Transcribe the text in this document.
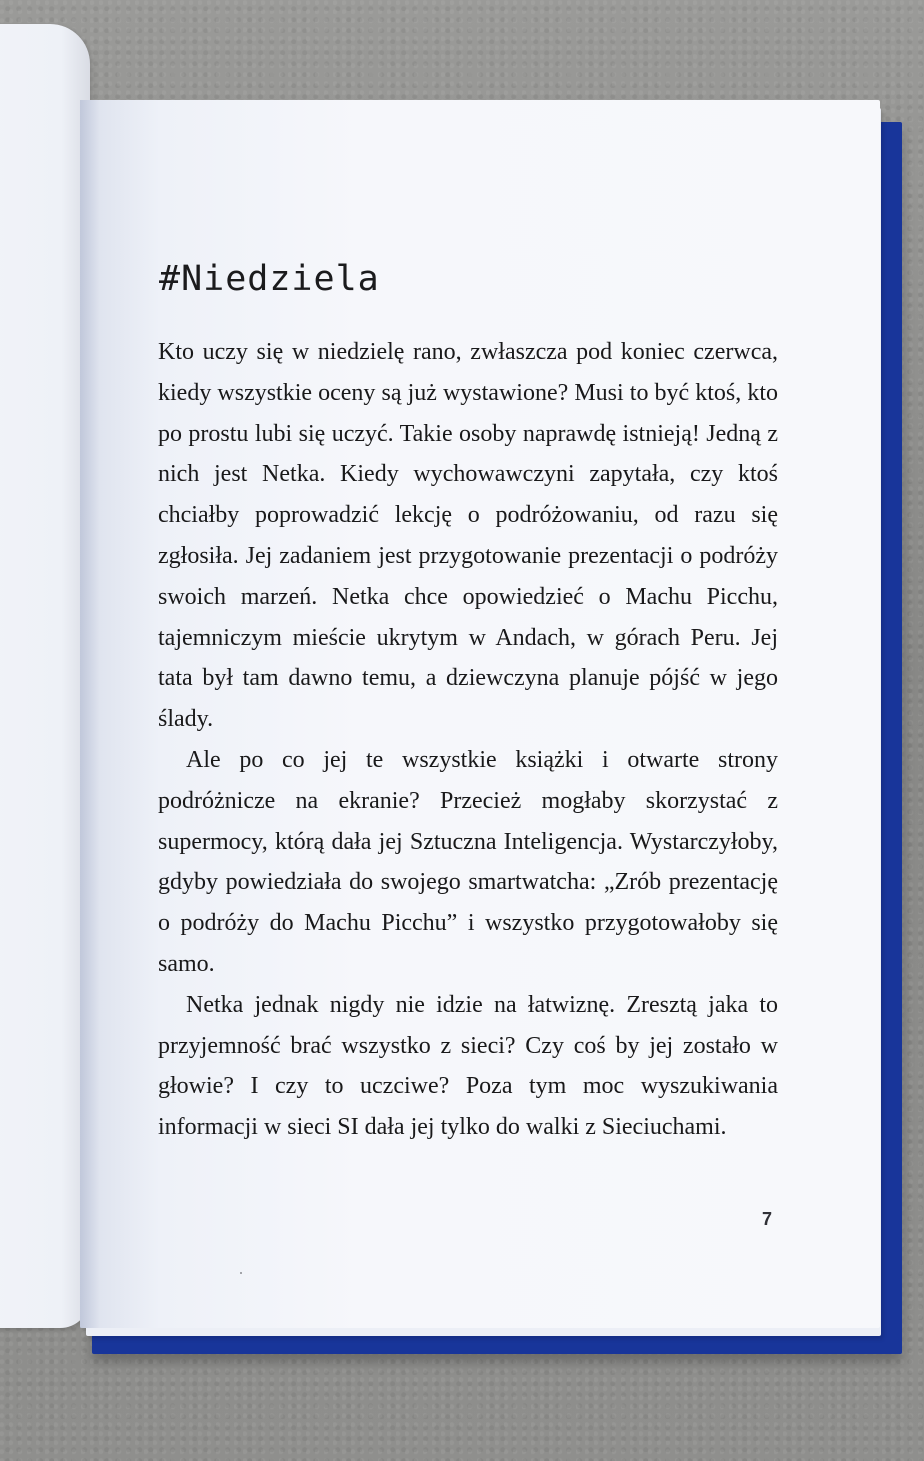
#Niedziela

Kto uczy się w niedzielę rano, zwłaszcza pod koniec czerwca, kiedy wszystkie oceny są już wystawione? Musi to być ktoś, kto po prostu lubi się uczyć. Takie osoby naprawdę istnieją! Jedną z nich jest Netka. Kiedy wychowawczyni zapytała, czy ktoś chciałby poprowadzić lekcję o podróżowaniu, od razu się zgłosiła. Jej zadaniem jest przygotowanie prezentacji o podróży swoich marzeń. Netka chce opowiedzieć o Machu Picchu, tajemniczym mieście ukrytym w Andach, w górach Peru. Jej tata był tam dawno temu, a dziewczyna planuje pójść w jego ślady.

Ale po co jej te wszystkie książki i otwarte strony podróżnicze na ekranie? Przecież mogłaby skorzystać z supermocy, którą dała jej Sztuczna Inteligencja. Wystarczyłoby, gdyby powiedziała do swojego smartwatcha: „Zrób prezentację o podróży do Machu Picchu” i wszystko przygotowałoby się samo.

Netka jednak nigdy nie idzie na łatwiznę. Zresztą jaka to przyjemność brać wszystko z sieci? Czy coś by jej zostało w głowie? I czy to uczciwe? Poza tym moc wyszukiwania informacji w sieci SI dała jej tylko do walki z Sieciuchami.

7
